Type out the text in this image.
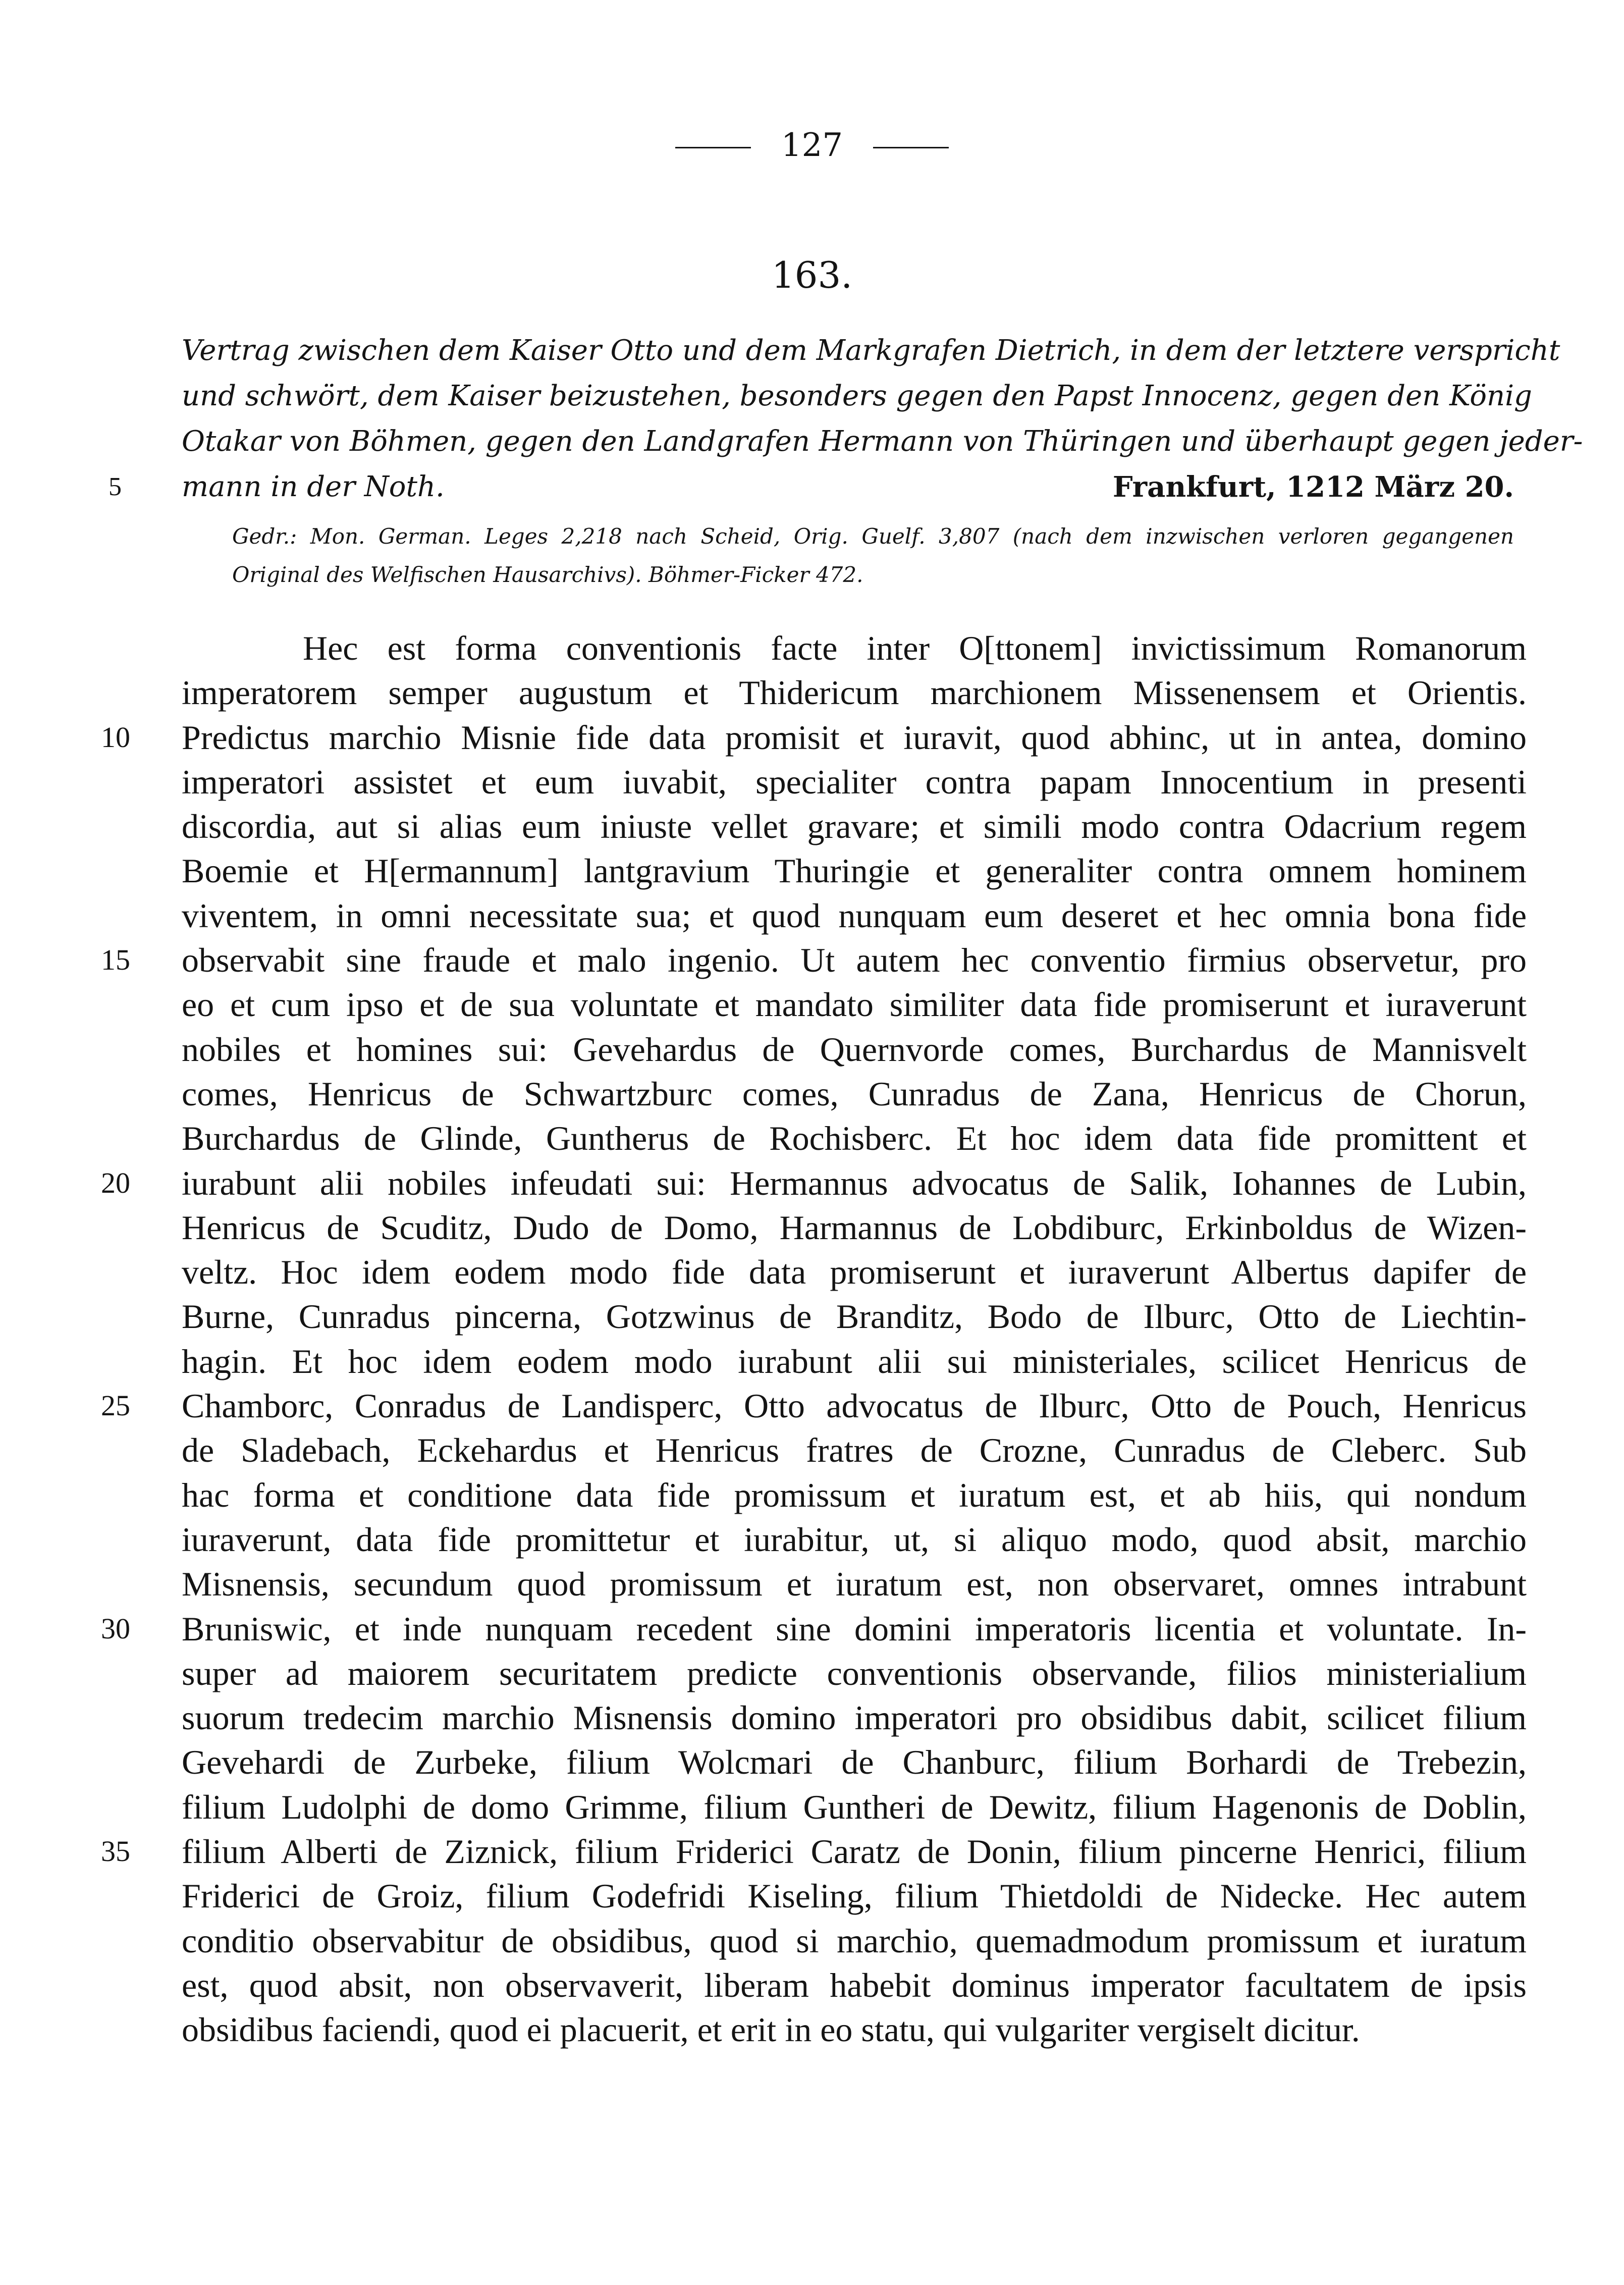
127
163.
Vertrag zwischen dem Kaiser Otto und dem Markgrafen Dietrich, in dem der letztere verspricht
und schwört, dem Kaiser beizustehen, besonders gegen den Papst Innocenz, gegen den König
Otakar von Böhmen, gegen den Landgrafen Hermann von Thüringen und überhaupt gegen jeder-
mann in der Noth.	Frankfurt, 1212 März 20.
Gedr.: Mon. German. Leges 2,218 nach Scheid, Orig. Guelf. 3,807 (nach dem inzwischen verloren gegangenen
Original des Welfischen Hausarchivs). Böhmer-Ficker 472.
Hec est forma conventionis facte inter O[ttonem] invictissimum Romanorum
imperatorem semper augustum et Thidericum marchionem Missenensem et Orientis.
Predictus marchio Misnie fide data promisit et iuravit, quod abhinc, ut in antea, domino
imperatori assistet et eum iuvabit, specialiter contra papam Innocentium in presenti
discordia, aut si alias eum iniuste vellet gravare; et simili modo contra Odacrium regem
Boemie et H[ermannum] lantgravium Thuringie et generaliter contra omnem hominem
viventem, in omni necessitate sua; et quod nunquam eum deseret et hec omnia bona fide
observabit sine fraude et malo ingenio. Ut autem hec conventio firmius observetur, pro
eo et cum ipso et de sua voluntate et mandato similiter data fide promiserunt et iuraverunt
nobiles et homines sui: Gevehardus de Quernvorde comes, Burchardus de Mannisvelt
comes, Henricus de Schwartzburc comes, Cunradus de Zana, Henricus de Chorun,
Burchardus de Glinde, Guntherus de Rochisberc. Et hoc idem data fide promittent et
iurabunt alii nobiles infeudati sui: Hermannus advocatus de Salik, Iohannes de Lubin,
Henricus de Scuditz, Dudo de Domo, Harmannus de Lobdiburc, Erkinboldus de Wizen-
veltz. Hoc idem eodem modo fide data promiserunt et iuraverunt Albertus dapifer de
Burne, Cunradus pincerna, Gotzwinus de Branditz, Bodo de Ilburc, Otto de Liechtin-
hagin. Et hoc idem eodem modo iurabunt alii sui ministeriales, scilicet Henricus de
Chamborc, Conradus de Landisperc, Otto advocatus de Ilburc, Otto de Pouch, Henricus
de Sladebach, Eckehardus et Henricus fratres de Crozne, Cunradus de Cleberc. Sub
hac forma et conditione data fide promissum et iuratum est, et ab hiis, qui nondum
iuraverunt, data fide promittetur et iurabitur, ut, si aliquo modo, quod absit, marchio
Misnensis, secundum quod promissum et iuratum est, non observaret, omnes intrabunt
Bruniswic, et inde nunquam recedent sine domini imperatoris licentia et voluntate. In-
super ad maiorem securitatem predicte conventionis observande, filios ministerialium
suorum tredecim marchio Misnensis domino imperatori pro obsidibus dabit, scilicet filium
Gevehardi de Zurbeke, filium Wolcmari de Chanburc, filium Borhardi de Trebezin,
filium Ludolphi de domo Grimme, filium Guntheri de Dewitz, filium Hagenonis de Doblin,
filium Alberti de Ziznick, filium Friderici Caratz de Donin, filium pincerne Henrici, filium
Friderici de Groiz, filium Godefridi Kiseling, filium Thietdoldi de Nidecke. Hec autem
conditio observabitur de obsidibus, quod si marchio, quemadmodum promissum et iuratum
est, quod absit, non observaverit, liberam habebit dominus imperator facultatem de ipsis
obsidibus faciendi, quod ei placuerit, et erit in eo statu, qui vulgariter vergiselt dicitur.
5
10
15
20
25
30
35
